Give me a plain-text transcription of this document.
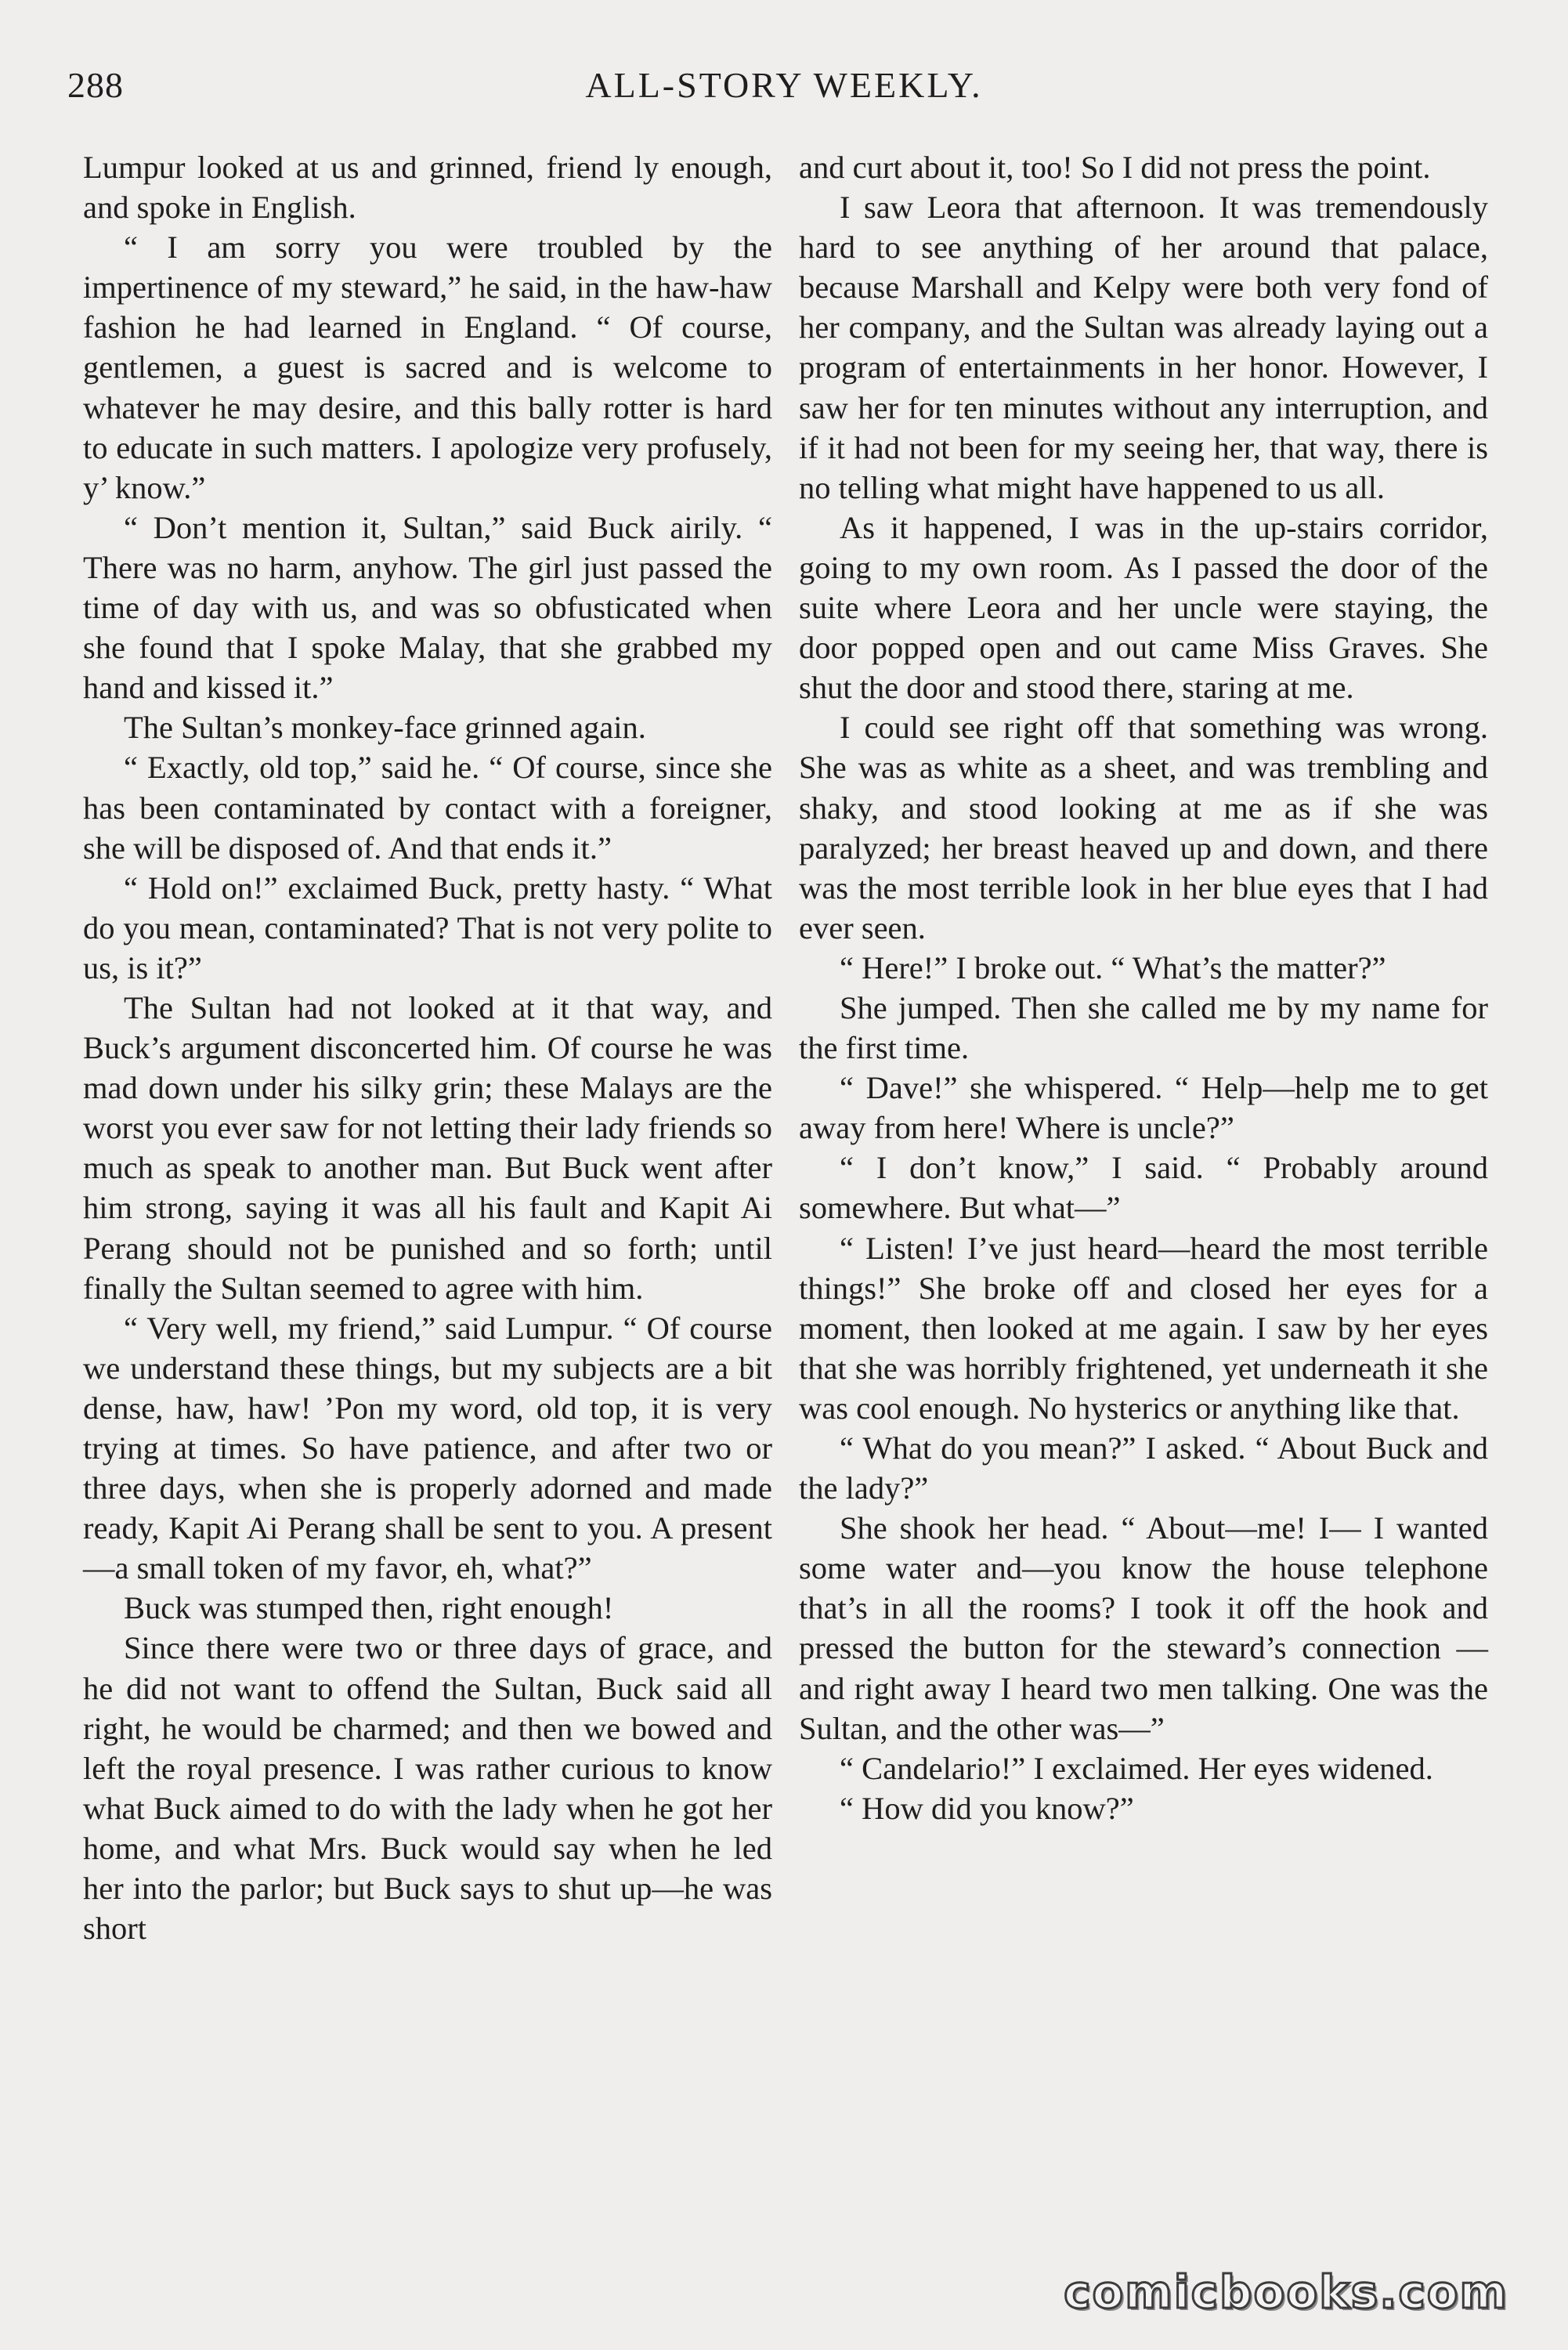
288	ALL-STORY WEEKLY.

Lumpur looked at us and grinned, friend ly enough, and spoke in English.

“ I am sorry you were troubled by the impertinence of my steward,” he said, in the haw-haw fashion he had learned in England. “ Of course, gentlemen, a guest is sacred and is welcome to whatever he may desire, and this bally rotter is hard to educate in such matters. I apologize very profusely, y’ know.”

“ Don’t mention it, Sultan,” said Buck airily. “ There was no harm, anyhow. The girl just passed the time of day with us, and was so obfusticated when she found that I spoke Malay, that she grabbed my hand and kissed it.”

The Sultan’s monkey-face grinned again.

“ Exactly, old top,” said he. “ Of course, since she has been contaminated by contact with a foreigner, she will be disposed of. And that ends it.”

“ Hold on!” exclaimed Buck, pretty hasty. “ What do you mean, contaminated? That is not very polite to us, is it?”

The Sultan had not looked at it that way, and Buck’s argument disconcerted him. Of course he was mad down under his silky grin; these Malays are the worst you ever saw for not letting their lady friends so much as speak to another man. But Buck went after him strong, saying it was all his fault and Kapit Ai Perang should not be punished and so forth; until finally the Sultan seemed to agree with him.

“ Very well, my friend,” said Lumpur. “ Of course we understand these things, but my subjects are a bit dense, haw, haw! ’Pon my word, old top, it is very trying at times. So have patience, and after two or three days, when she is properly adorned and made ready, Kapit Ai Perang shall be sent to you. A present—a small token of my favor, eh, what?”

Buck was stumped then, right enough!

Since there were two or three days of grace, and he did not want to offend the Sultan, Buck said all right, he would be charmed; and then we bowed and left the royal presence. I was rather curious to know what Buck aimed to do with the lady when he got her home, and what Mrs. Buck would say when he led her into the parlor; but Buck says to shut up—he was short

and curt about it, too! So I did not press the point.

I saw Leora that afternoon. It was tremendously hard to see anything of her around that palace, because Marshall and Kelpy were both very fond of her company, and the Sultan was already laying out a program of entertainments in her honor. However, I saw her for ten minutes without any interruption, and if it had not been for my seeing her, that way, there is no telling what might have happened to us all.

As it happened, I was in the up-stairs corridor, going to my own room. As I passed the door of the suite where Leora and her uncle were staying, the door popped open and out came Miss Graves. She shut the door and stood there, staring at me.

I could see right off that something was wrong. She was as white as a sheet, and was trembling and shaky, and stood looking at me as if she was paralyzed; her breast heaved up and down, and there was the most terrible look in her blue eyes that I had ever seen.

“ Here!” I broke out. “ What’s the matter?”

She jumped. Then she called me by my name for the first time.

“ Dave!” she whispered. “ Help—help me to get away from here! Where is uncle?”

“ I don’t know,” I said. “ Probably around somewhere. But what—”

“ Listen! I’ve just heard—heard the most terrible things!” She broke off and closed her eyes for a moment, then looked at me again. I saw by her eyes that she was horribly frightened, yet underneath it she was cool enough. No hysterics or anything like that.

“ What do you mean?” I asked. “ About Buck and the lady?”

She shook her head. “ About—me! I— I wanted some water and—you know the house telephone that’s in all the rooms? I took it off the hook and pressed the button for the steward’s connection — and right away I heard two men talking. One was the Sultan, and the other was—”

“ Candelario!” I exclaimed. Her eyes widened.

“ How did you know?”

comicbooks.com
